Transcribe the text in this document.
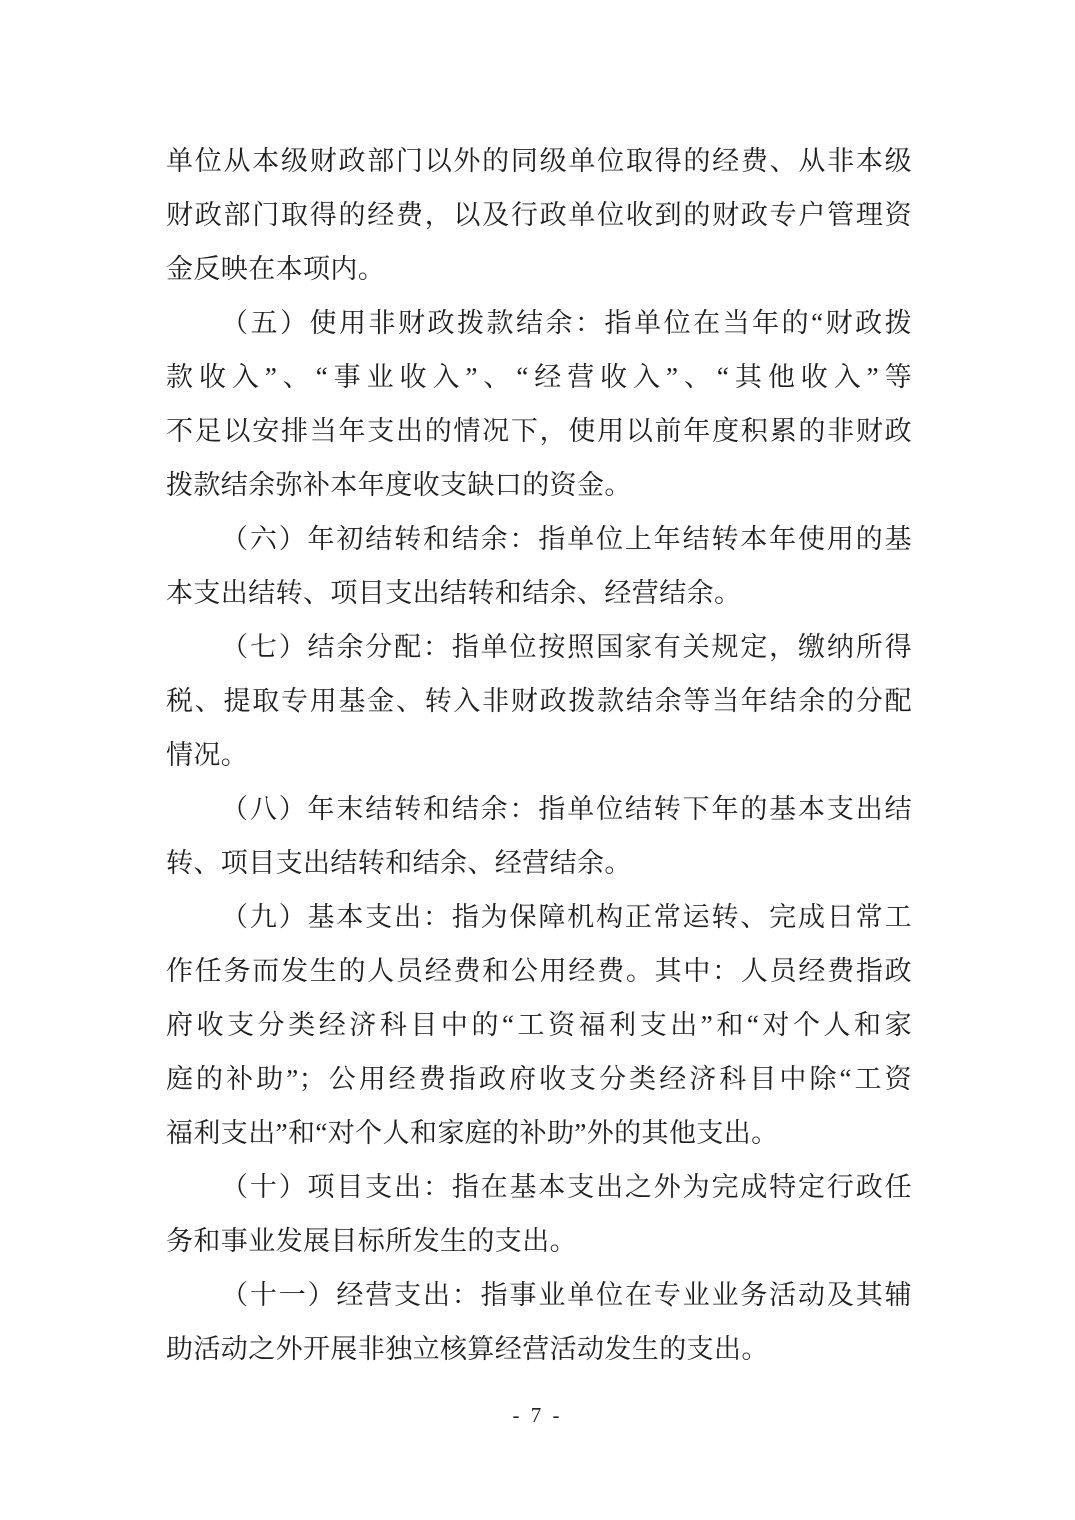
单位从本级财政部门以外的同级单位取得的经费、从非本级
财政部门取得的经费，以及行政单位收到的财政专户管理资
金反映在本项内。
（五）使用非财政拨款结余：指单位在当年的“财政拨
款收入”、“事业收入”、“经营收入”、“其他收入”等
不足以安排当年支出的情况下，使用以前年度积累的非财政
拨款结余弥补本年度收支缺口的资金。
（六）年初结转和结余：指单位上年结转本年使用的基
本支出结转、项目支出结转和结余、经营结余。
（七）结余分配：指单位按照国家有关规定，缴纳所得
税、提取专用基金、转入非财政拨款结余等当年结余的分配
情况。
（八）年末结转和结余：指单位结转下年的基本支出结
转、项目支出结转和结余、经营结余。
（九）基本支出：指为保障机构正常运转、完成日常工
作任务而发生的人员经费和公用经费。其中：人员经费指政
府收支分类经济科目中的“工资福利支出”和“对个人和家
庭的补助”；公用经费指政府收支分类经济科目中除“工资
福利支出”和“对个人和家庭的补助”外的其他支出。
（十）项目支出：指在基本支出之外为完成特定行政任
务和事业发展目标所发生的支出。
（十一）经营支出：指事业单位在专业业务活动及其辅
助活动之外开展非独立核算经营活动发生的支出。
- 7 -
